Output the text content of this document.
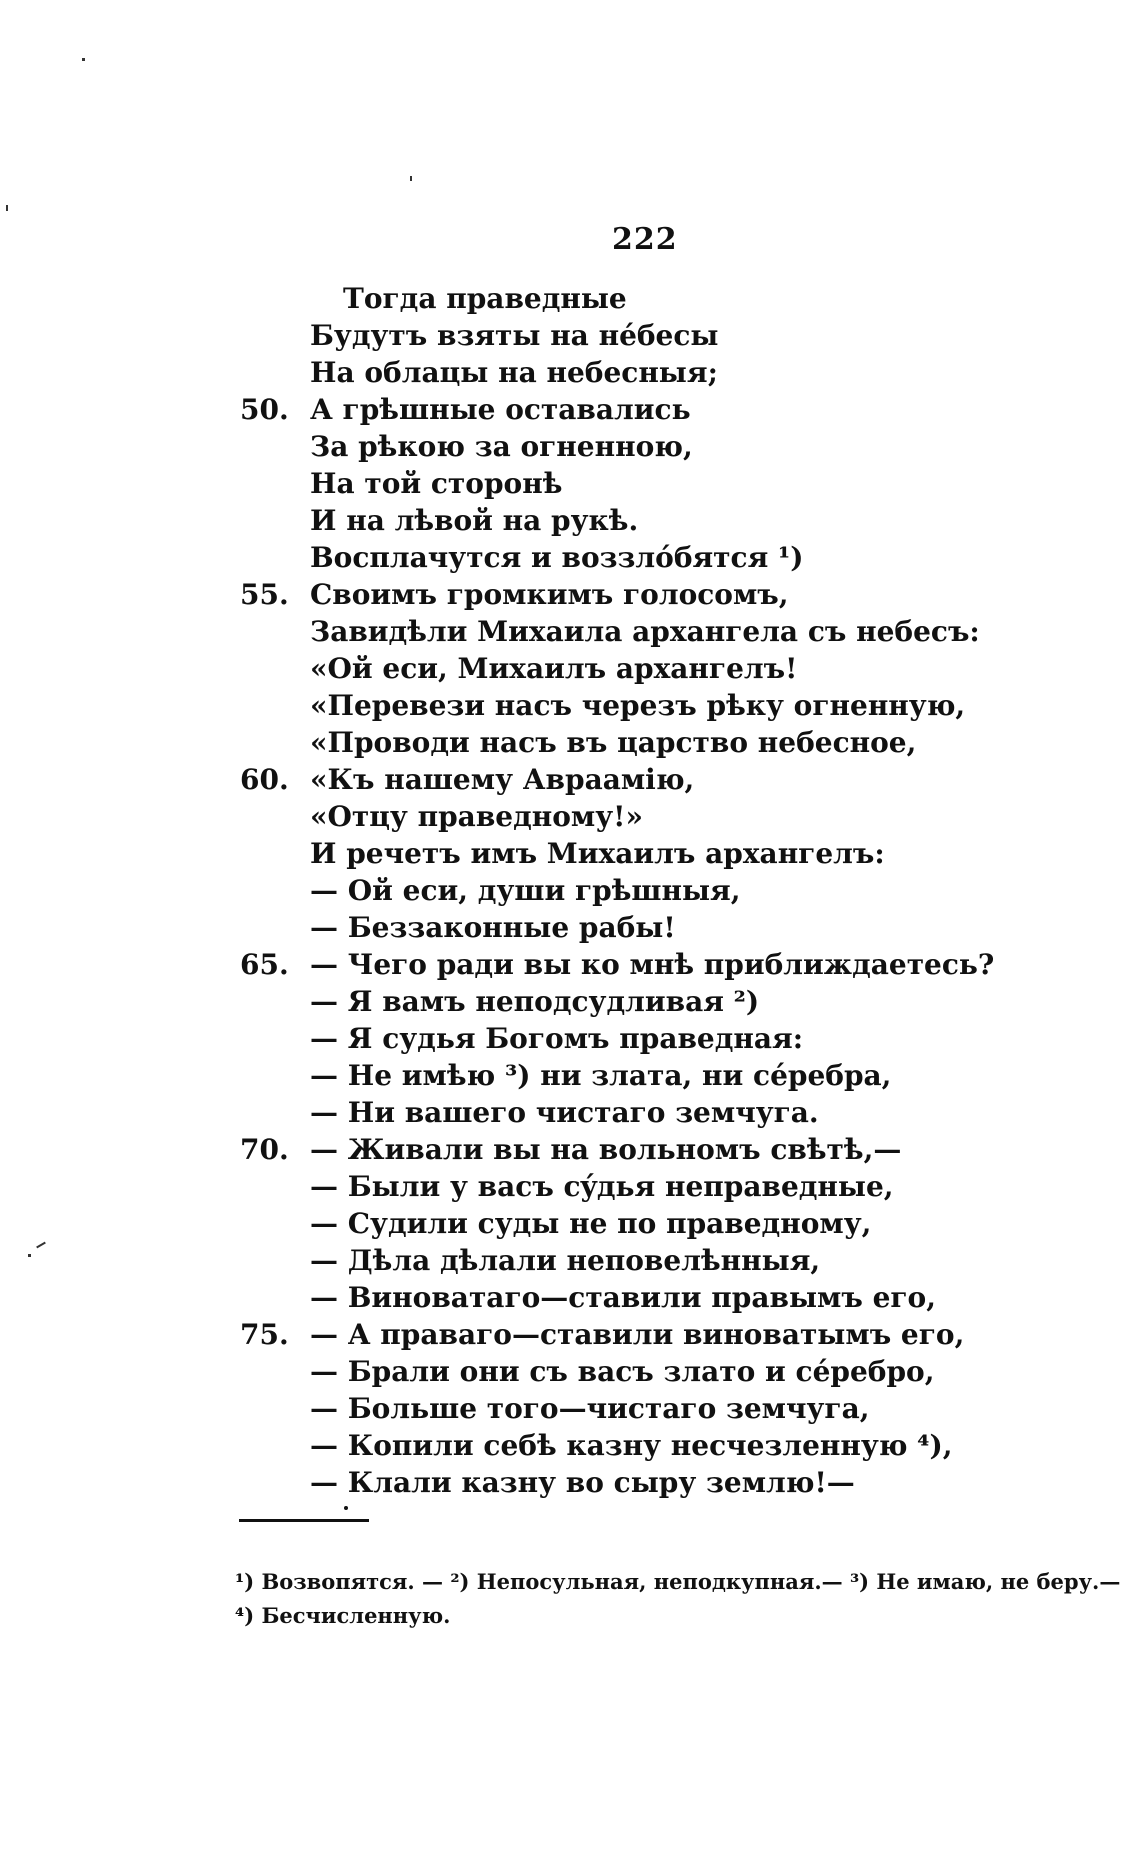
222
Тогда праведные
Будутъ взяты на нéбесы
На облацы на небесныя;
50. А грѣшные оставались
За рѣкою за огненною,
На той сторонѣ
И на лѣвой на рукѣ.
Восплачутся и воззлóбятся ¹)
55. Своимъ громкимъ голосомъ,
Завидѣли Михаила архангела съ небесъ:
«Ой еси, Михаилъ архангелъ!
«Перевези насъ черезъ рѣку огненную,
«Проводи насъ въ царство небесное,
60. «Къ нашему Авраамію,
«Отцу праведному!»
И речетъ имъ Михаилъ архангелъ:
— Ой еси, души грѣшныя,
— Беззаконные рабы!
65. — Чего ради вы ко мнѣ приближдаетесь?
— Я вамъ неподсудливая ²)
— Я судья Богомъ праведная:
— Не имѣю ³) ни злата, ни сéребра,
— Ни вашего чистаго земчуга.
70. — Живали вы на вольномъ свѣтѣ,—
— Были у васъ сýдья неправедные,
— Судили суды не по праведному,
— Дѣла дѣлали неповелѣнныя,
— Виноватаго—ставили правымъ его,
75. — А праваго—ставили виноватымъ его,
— Брали они съ васъ злато и сéребро,
— Больше того—чистаго земчуга,
— Копили себѣ казну несчезленную ⁴),
— Клали казну во сыру землю!—
¹) Возвопятся. — ²) Непосульная, неподкупная.— ³) Не имаю, не беру.—
⁴) Бесчисленную.
